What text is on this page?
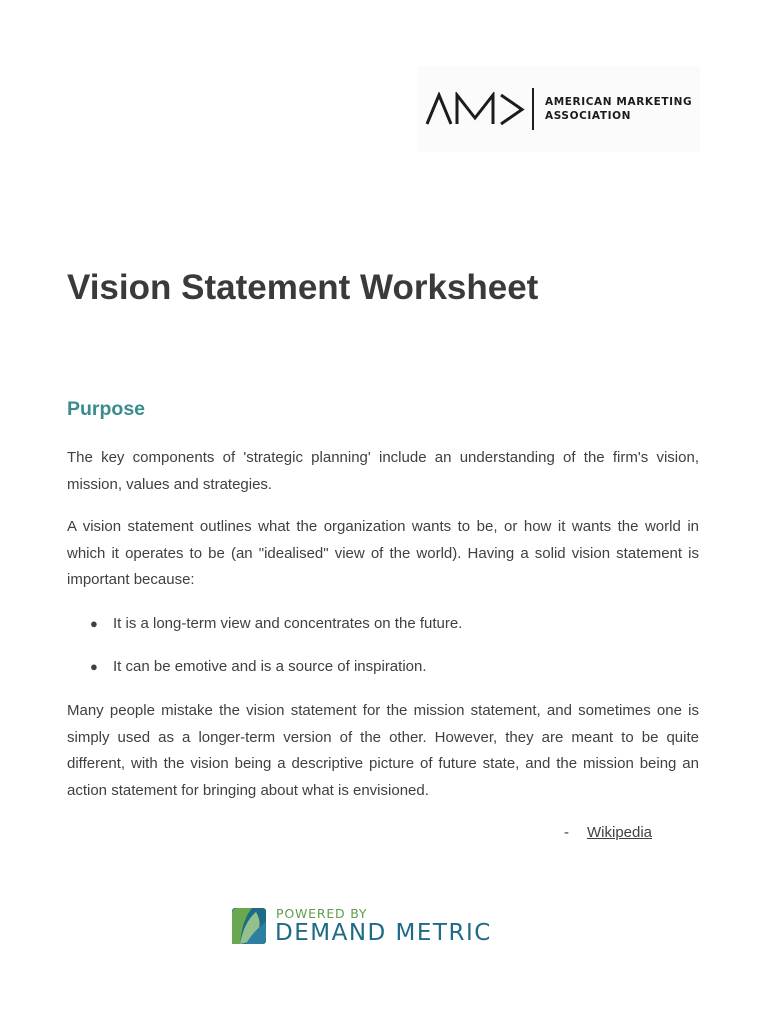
AMERICAN MARKETING
ASSOCIATION
Vision Statement Worksheet
Purpose

The key components of 'strategic planning' include an understanding of the firm's vision, mission, values and strategies.

A vision statement outlines what the organization wants to be, or how it wants the world in which it operates to be (an "idealised" view of the world). Having a solid vision statement is important because:

● It is a long-term view and concentrates on the future.
● It can be emotive and is a source of inspiration.

Many people mistake the vision statement for the mission statement, and sometimes one is simply used as a longer-term version of the other. However, they are meant to be quite different, with the vision being a descriptive picture of future state, and the mission being an action statement for bringing about what is envisioned.

- Wikipedia
POWERED BY
DEMAND METRIC
